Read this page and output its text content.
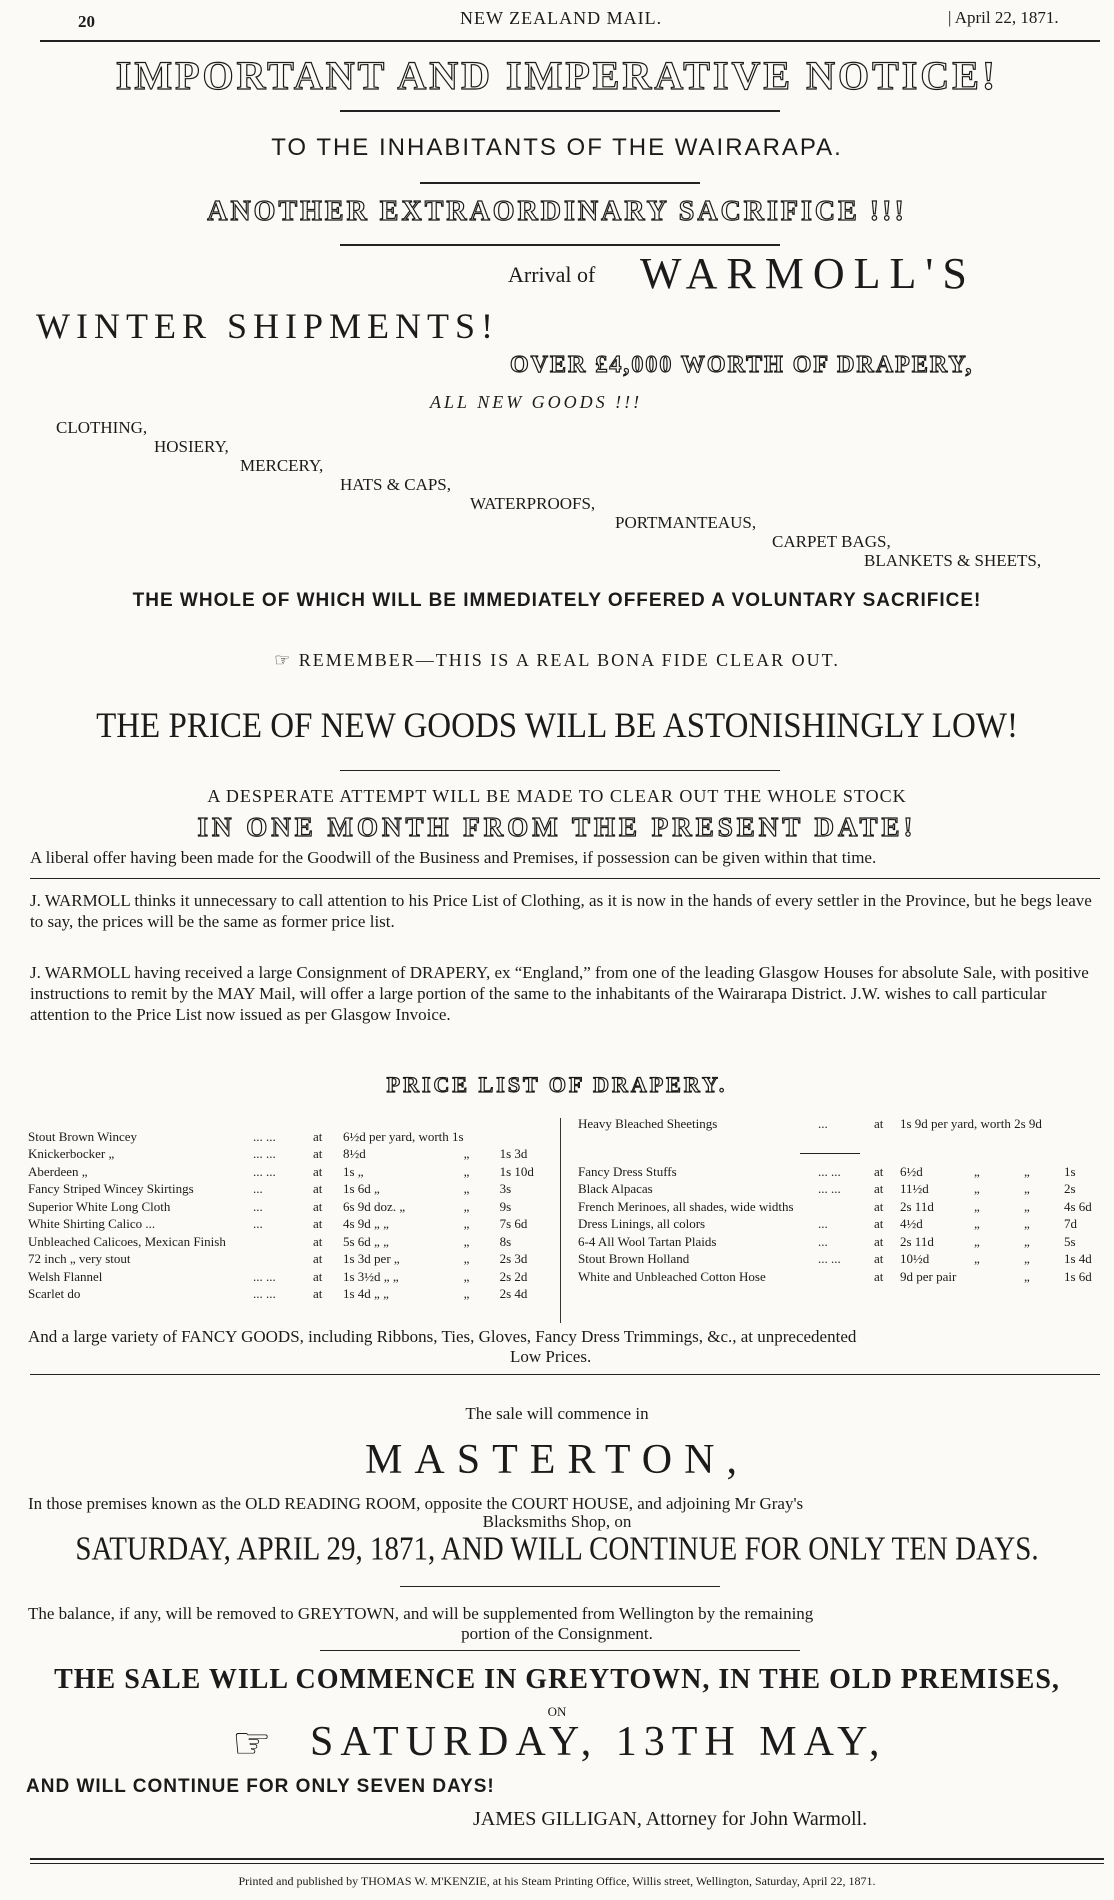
20	NEW ZEALAND MAIL.	| April 22, 1871.
IMPORTANT AND IMPERATIVE NOTICE!
TO THE INHABITANTS OF THE WAIRARAPA.
ANOTHER EXTRAORDINARY SACRIFICE !!!
Arrival of WARMOLL'S
WINTER SHIPMENTS!
OVER £4,000 WORTH OF DRAPERY,
ALL NEW GOODS !!!
CLOTHING,
HOSIERY,
MERCERY,
HATS & CAPS,
WATERPROOFS,
PORTMANTEAUS,
CARPET BAGS,
BLANKETS & SHEETS,
THE WHOLE OF WHICH WILL BE IMMEDIATELY OFFERED A VOLUNTARY SACRIFICE!
☞ REMEMBER—THIS IS A REAL BONA FIDE CLEAR OUT.
THE PRICE OF NEW GOODS WILL BE ASTONISHINGLY LOW!
A DESPERATE ATTEMPT WILL BE MADE TO CLEAR OUT THE WHOLE STOCK
IN ONE MONTH FROM THE PRESENT DATE!
A liberal offer having been made for the Goodwill of the Business and Premises, if possession can be given within that time.
J. WARMOLL thinks it unnecessary to call attention to his Price List of Clothing, as it is now in the hands of every settler in the Province, but he begs leave to say, the prices will be the same as former price list.
J. WARMOLL having received a large Consignment of DRAPERY, ex “England,” from one of the leading Glasgow Houses for absolute Sale, with positive instructions to remit by the MAY Mail, will offer a large portion of the same to the inhabitants of the Wairarapa District. J.W. wishes to call particular attention to the Price List now issued as per Glasgow Invoice.
PRICE LIST OF DRAPERY.
Stout Brown Wincey	... ...	at	6½d per yard, worth 1s		
Knickerbocker „	... ...	at	8½d	„	1s 3d
Aberdeen „	... ...	at	1s „	„	1s 10d
Fancy Striped Wincey Skirtings	...	at	1s 6d „	„	3s
Superior White Long Cloth	...	at	6s 9d doz. „	„	9s
White Shirting Calico ...	...	at	4s 9d „ „	„	7s 6d
Unbleached Calicoes, Mexican Finish		at	5s 6d „ „	„	8s
72 inch „ very stout		at	1s 3d per „	„	2s 3d
Welsh Flannel	... ...	at	1s 3½d „ „	„	2s 2d
Scarlet do	... ...	at	1s 4d „ „	„	2s 4d
Heavy Bleached Sheetings	...	at 1s 9d per yard, worth 2s 9d
Fancy Dress Stuffs	... ...	at	6½d	„	„	1s
Black Alpacas	... ...	at	11½d	„	„	2s
French Merinoes, all shades, wide widths		at	2s 11d	„	„	4s 6d
Dress Linings, all colors	...	at	4½d	„	„	7d
6-4 All Wool Tartan Plaids	...	at	2s 11d	„	„	5s
Stout Brown Holland	... ...	at	10½d	„	„	1s 4d
White and Unbleached Cotton Hose		at	9d per pair		„	1s 6d
And a large variety of FANCY GOODS, including Ribbons, Ties, Gloves, Fancy Dress Trimmings, &c., at unprecedented
Low Prices.
The sale will commence in
MASTERTON,
In those premises known as the OLD READING ROOM, opposite the COURT HOUSE, and adjoining Mr Gray's
Blacksmiths Shop, on
SATURDAY, APRIL 29, 1871, AND WILL CONTINUE FOR ONLY TEN DAYS.
The balance, if any, will be removed to GREYTOWN, and will be supplemented from Wellington by the remaining
portion of the Consignment.
THE SALE WILL COMMENCE IN GREYTOWN, IN THE OLD PREMISES,
ON
☞ SATURDAY, 13TH MAY,
AND WILL CONTINUE FOR ONLY SEVEN DAYS!
JAMES GILLIGAN, Attorney for John Warmoll.
Printed and published by THOMAS W. M'KENZIE, at his Steam Printing Office, Willis street, Wellington, Saturday, April 22, 1871.
